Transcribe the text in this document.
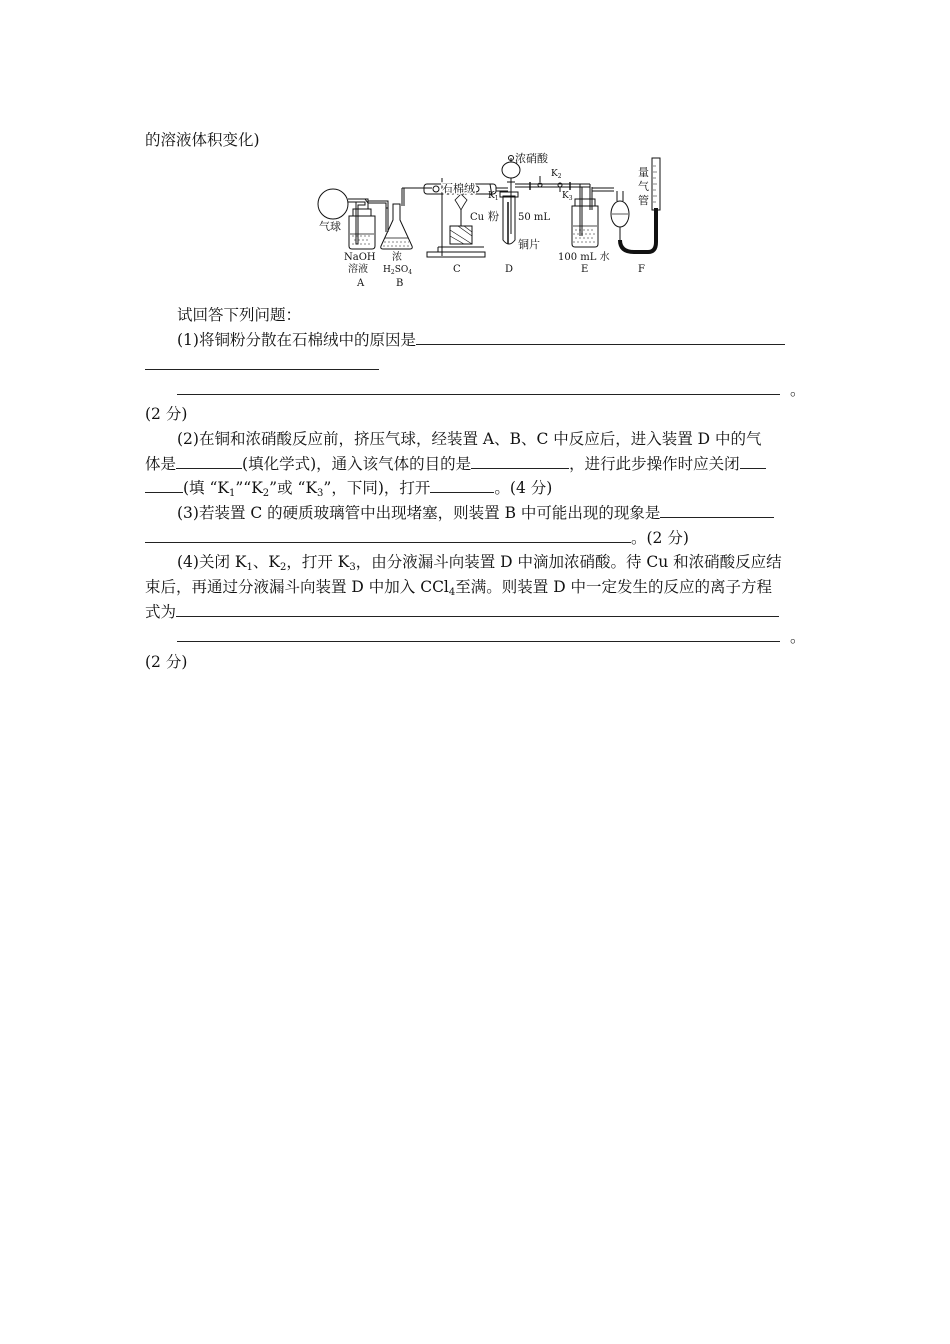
的溶液体积变化)
气球
NaOH
溶液
浓
$H_2SO_4$
石棉绒
Cu 粉
$K_1$
浓硝酸
$K_2$
$K_3$
50 mL
铜片
100 mL 水
量
气
管
A	B
C	D	E	F
试回答下列问题：
(1)将铜粉分散在石棉绒中的原因是
。
(2 分)
(2)在铜和浓硝酸反应前，挤压气球，经装置 A、B、C 中反应后，进入装置 D 中的气
体是	(填化学式)，通入该气体的目的是	，进行此步操作时应关闭
(填 “$K_1”“K_2$”或 “$K_3$”，下同)，打开	。(4 分)
(3)若装置 C 的硬质玻璃管中出现堵塞，则装置 B 中可能出现的现象是
。(2 分)
(4)关闭 $K_1$、$K_2$，打开 $K_3$，由分液漏斗向装置 D 中滴加浓硝酸。待 Cu 和浓硝酸反应结
束后，再通过分液漏斗向装置 D 中加入 CCl$_4$至满。则装置 D 中一定发生的反应的离子方程
式为
。
(2 分)
